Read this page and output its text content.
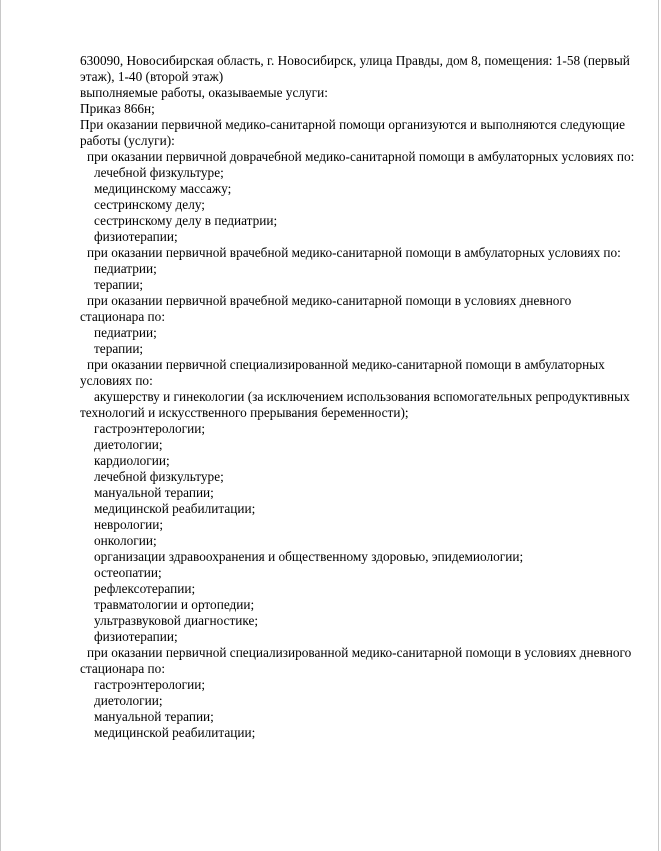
630090, Новосибирская область, г. Новосибирск, улица Правды, дом 8, помещения: 1-58 (первый этаж), 1-40 (второй этаж)
выполняемые работы, оказываемые услуги:
Приказ 866н;
При оказании первичной медико-санитарной помощи организуются и выполняются следующие работы (услуги):
при оказании первичной доврачебной медико-санитарной помощи в амбулаторных условиях по:
лечебной физкультуре;
медицинскому массажу;
сестринскому делу;
сестринскому делу в педиатрии;
физиотерапии;
при оказании первичной врачебной медико-санитарной помощи в амбулаторных условиях по:
педиатрии;
терапии;
при оказании первичной врачебной медико-санитарной помощи в условиях дневного стационара по:
педиатрии;
терапии;
при оказании первичной специализированной медико-санитарной помощи в амбулаторных условиях по:
акушерству и гинекологии (за исключением использования вспомогательных репродуктивных технологий и искусственного прерывания беременности);
гастроэнтерологии;
диетологии;
кардиологии;
лечебной физкультуре;
мануальной терапии;
медицинской реабилитации;
неврологии;
онкологии;
организации здравоохранения и общественному здоровью, эпидемиологии;
остеопатии;
рефлексотерапии;
травматологии и ортопедии;
ультразвуковой диагностике;
физиотерапии;
при оказании первичной специализированной медико-санитарной помощи в условиях дневного стационара по:
гастроэнтерологии;
диетологии;
мануальной терапии;
медицинской реабилитации;
